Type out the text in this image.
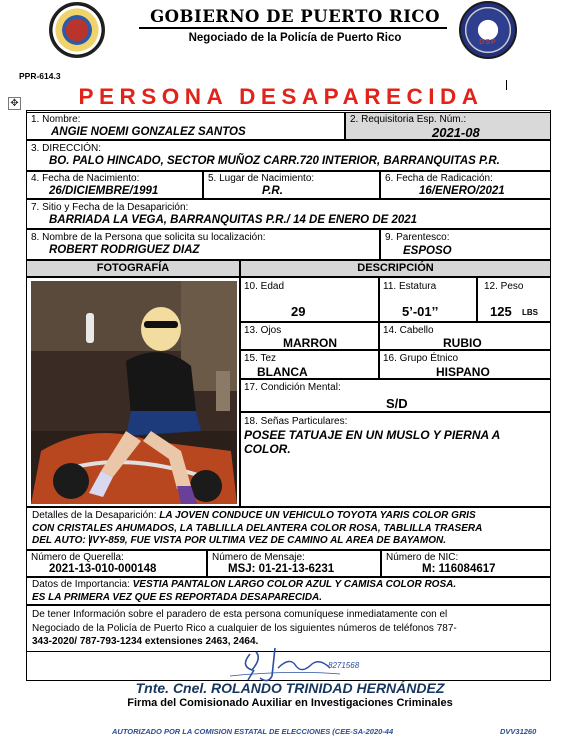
GOBIERNO DE PUERTO RICO
Negociado de la Policía de Puerto Rico	DSP
PPR-614.3
✥	PERSONA DESAPARECIDA
1. Nombre:
ANGIE NOEMI GONZALEZ SANTOS
2. Requisitoria Esp. Núm.:
2021-08
3. DIRECCIÓN:
BO. PALO HINCADO, SECTOR MUÑOZ CARR.720 INTERIOR, BARRANQUITAS P.R.
4. Fecha de Nacimiento:
26/DICIEMBRE/1991
5. Lugar de Nacimiento:
P.R.
6. Fecha de Radicación:
16/ENERO/2021
7. Sitio y Fecha de la Desaparición:
BARRIADA LA VEGA, BARRANQUITAS P.R./ 14 DE ENERO DE 2021
8. Nombre de la Persona que solicita su localización:
ROBERT RODRIGUEZ DIAZ
9. Parentesco:
ESPOSO
FOTOGRAFÍA	DESCRIPCIÓN
10. Edad
29
11. Estatura
5’-01’’
12. Peso
125 LBS
13. Ojos
MARRON
14. Cabello
RUBIO
15. Tez
BLANCA
16. Grupo Étnico
HISPANO
17. Condición Mental:
S/D
18. Señas Particulares:
POSEE TATUAJE EN UN MUSLO Y PIERNA A COLOR.
Detalles de la Desaparición: LA JOVEN CONDUCE UN VEHICULO TOYOTA YARIS COLOR GRIS
CON CRISTALES AHUMADOS, LA TABLILLA DELANTERA COLOR ROSA, TABLILLA TRASERA
DEL AUTO: IVY-859, FUE VISTA POR ULTIMA VEZ DE CAMINO AL AREA DE BAYAMON.
Número de Querella:
2021-13-010-000148
Número de Mensaje:
MSJ: 01-21-13-6231
Número de NIC:
M: 116084617
Datos de Importancia: VESTIA PANTALON LARGO COLOR AZUL Y CAMISA COLOR ROSA.
ES LA PRIMERA VEZ QUE ES REPORTADA DESAPARECIDA.
De tener Información sobre el paradero de esta persona comuníquese inmediatamente con el
Negociado de la Policía de Puerto Rico a cualquier de los siguientes números de teléfonos 787-
343-2020/ 787-793-1234 extensiones 2463, 2464.
8271568
Tnte. Cnel. ROLANDO TRINIDAD HERNÁNDEZ
Firma del Comisionado Auxiliar en Investigaciones Criminales
AUTORIZADO POR LA COMISION ESTATAL DE ELECCIONES (CEE-SA-2020-44	DVV31260
